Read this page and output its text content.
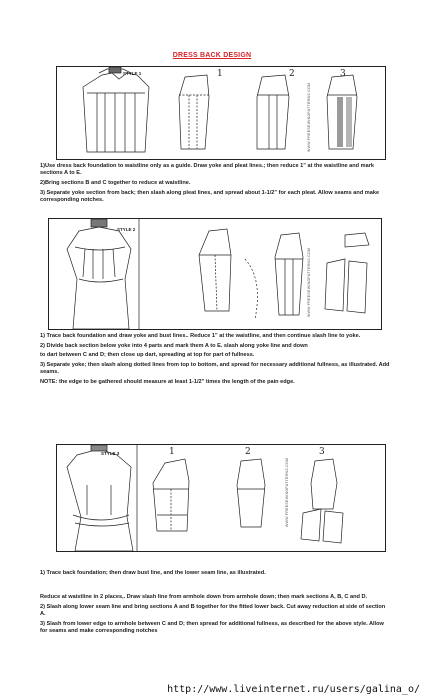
DRESS BACK DESIGN
STYLE 1	1	2	3
WWW.FREESEWINGPATTERNS.COM

1)Use dress back foundation to waistline only as a guide. Draw yoke and pleat lines.; then reduce 1" at the waistline and mark sections A to E.

2)Bring sections B and C together to reduce at waistline.

3) Separate yoke section from back; then slash along pleat lines, and spread about 1-1/2" for each pleat. Allow seams and make corresponding notches.

STYLE 2
WWW.FREESEWINGPATTERNS.COM

1) Trace back foundation and draw yoke and bust lines.. Reduce 1" at the waistline, and then continue slash line to yoke.

2) Divide back section below yoke into 4 parts and mark them A to E. slash along yoke line and down

to dart between C and D; then close up dart, spreading at top for part of fullness.

3) Separate yoke; then slash along dotted lines from top to bottom, and spread for necessary additional fullness, as illustrated. Add seams.

NOTE: the edge to be gathered should measure at least 1-1/2" times the length of the pain edge.

STYLE 3	1	2	3
WWW.FREESEWINGPATTERNS.COM

1) Trace back foundation; then draw bust line, and the lower seam line, as illustrated.

Reduce at waistline in 2 places,. Draw slash line from armhole down from armhole down; then mark sections A, B, C and D.

2) Slash along lower seam line and bring sections A and B together for the fitted lower back. Cut away reduction at side of section A.

3) Slash from lower edge to armhole between C and D; then spread for additional fullness, as described for the above style. Allow for seams and make corresponding notches

http://www.liveinternet.ru/users/galina_o/
